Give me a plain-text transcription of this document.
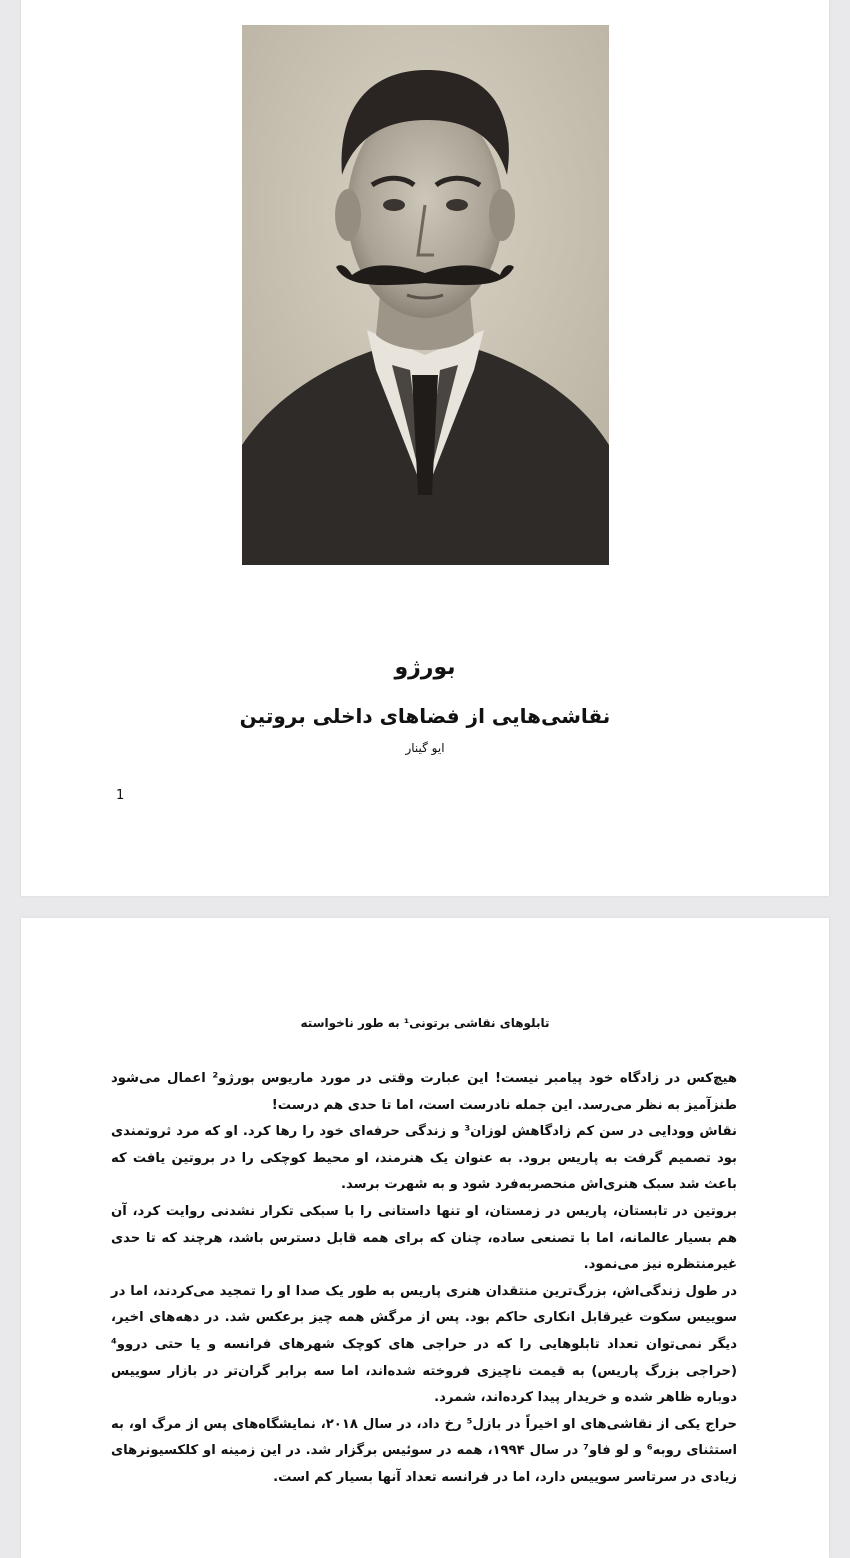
بورژو
نقاشی‌هایی از فضاهای داخلی بروتین
ایو گینار
1
تابلوهای نقاشی برتونی¹ به طور ناخواسته

هیچ‌کس در زادگاه خود پیامبر نیست! این عبارت وقتی در مورد ماریوس بورژو² اعمال می‌شود طنزآمیز به نظر می‌رسد. این جمله نادرست است، اما تا حدی هم درست!

نقاش وودایی در سن کم زادگاهش لوزان³ و زندگی حرفه‌ای خود را رها کرد. او که مرد ثروتمندی بود تصمیم گرفت به پاریس برود. به عنوان یک هنرمند، او محیط کوچکی را در بروتین یافت که باعث شد سبک هنری‌اش منحصربه‌فرد شود و به شهرت برسد.

بروتین در تابستان، پاریس در زمستان، او تنها داستانی را با سبکی تکرار نشدنی روایت کرد، آن هم بسیار عالمانه، اما با تصنعی ساده، چنان که برای همه قابل دسترس باشد، هرچند که تا حدی غیرمنتظره نیز می‌نمود.

در طول زندگی‌اش، بزرگ‌ترین منتقدان هنری پاریس به طور یک صدا او را تمجید می‌کردند، اما در سوییس سکوت غیرقابل انکاری حاکم بود. پس از مرگش همه چیز برعکس شد. در دهه‌های اخیر، دیگر نمی‌توان تعداد تابلوهایی را که در حراجی های کوچک شهرهای فرانسه و یا حتی دروو⁴ (حراجی بزرگ پاریس) به قیمت ناچیزی فروخته شده‌اند، اما سه برابر گران‌تر در بازار سوییس دوباره ظاهر شده و خریدار پیدا کرده‌اند، شمرد.

حراج یکی از نقاشی‌های او اخیراً در بازل⁵ رخ داد، در سال ۲۰۱۸، نمایشگاه‌های پس از مرگ او، به استثنای روبه⁶ و لو فاو⁷ در سال ۱۹۹۴، همه در سوئیس برگزار شد. در این زمینه او کلکسیونرهای زیادی در سرتاسر سوییس دارد، اما در فرانسه تعداد آنها بسیار کم است.
